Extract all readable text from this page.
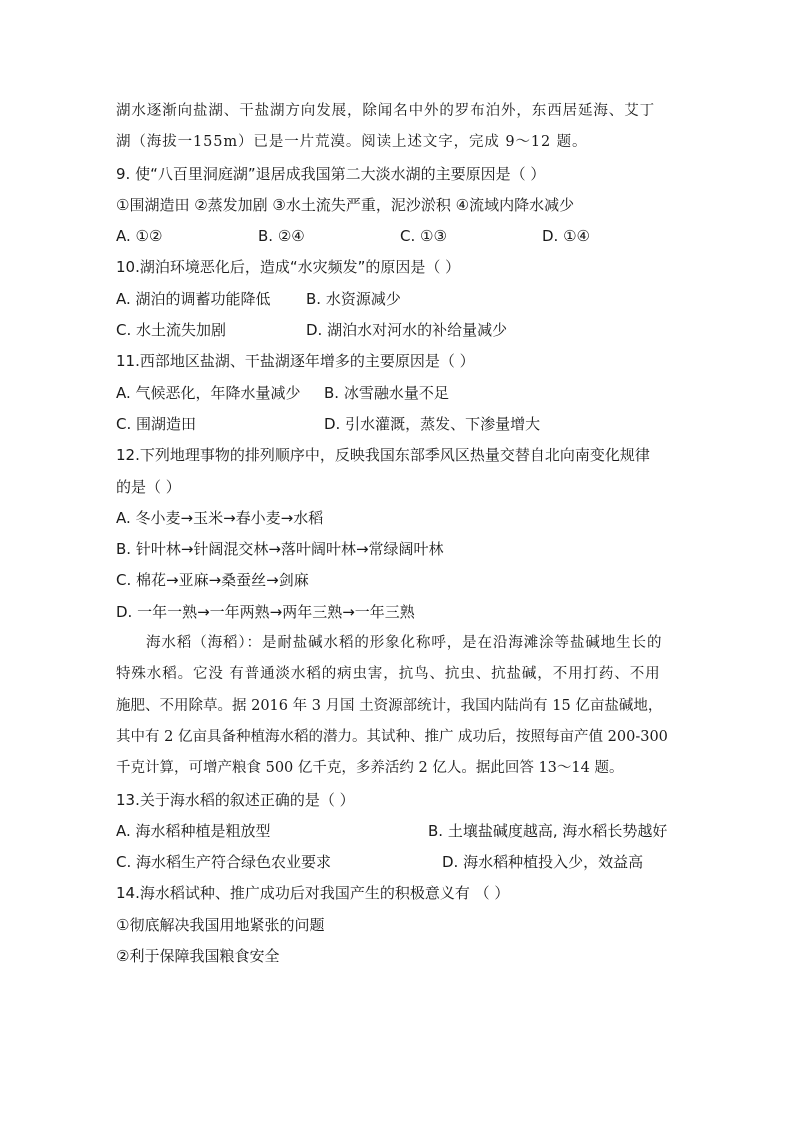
湖水逐渐向盐湖、干盐湖方向发展，除闻名中外的罗布泊外，东西居延海、艾丁
湖（海拔一155m）已是一片荒漠。阅读上述文字，完成 9～12 题。
9. 使“八百里洞庭湖”退居成我国第二大淡水湖的主要原因是（ ）
①围湖造田 ②蒸发加剧 ③水土流失严重，泥沙淤积 ④流域内降水减少
A. ①②	B. ②④	C. ①③	D. ①④
10.湖泊环境恶化后，造成“水灾频发”的原因是（ ）
A. 湖泊的调蓄功能降低	B. 水资源减少
C. 水土流失加剧	D. 湖泊水对河水的补给量减少
11.西部地区盐湖、干盐湖逐年增多的主要原因是（ ）
A. 气候恶化，年降水量减少	B. 冰雪融水量不足
C. 围湖造田	D. 引水灌溉，蒸发、下渗量增大
12.下列地理事物的排列顺序中，反映我国东部季风区热量交替自北向南变化规律
的是（ ）
A. 冬小麦→玉米→春小麦→水稻
B. 针叶林→针阔混交林→落叶阔叶林→常绿阔叶林
C. 棉花→亚麻→桑蚕丝→剑麻
D. 一年一熟→一年两熟→两年三熟→一年三熟
海水稻（海稻）：是耐盐碱水稻的形象化称呼，是在沿海滩涂等盐碱地生长的
特殊水稻。它没 有普通淡水稻的病虫害，抗鸟、抗虫、抗盐碱，不用打药、不用
施肥、不用除草。据 2016 年 3 月国 土资源部统计，我国内陆尚有 15 亿亩盐碱地，
其中有 2 亿亩具备种植海水稻的潜力。其试种、推广 成功后，按照每亩产值 200-300
千克计算，可增产粮食 500 亿千克，多养活约 2 亿人。据此回答 13～14 题。
13.关于海水稻的叙述正确的是（ ）
A. 海水稻种植是粗放型	B. 土壤盐碱度越高, 海水稻长势越好
C. 海水稻生产符合绿色农业要求	D. 海水稻种植投入少，效益高
14.海水稻试种、推广成功后对我国产生的积极意义有 （ ）
①彻底解决我国用地紧张的问题
②利于保障我国粮食安全
